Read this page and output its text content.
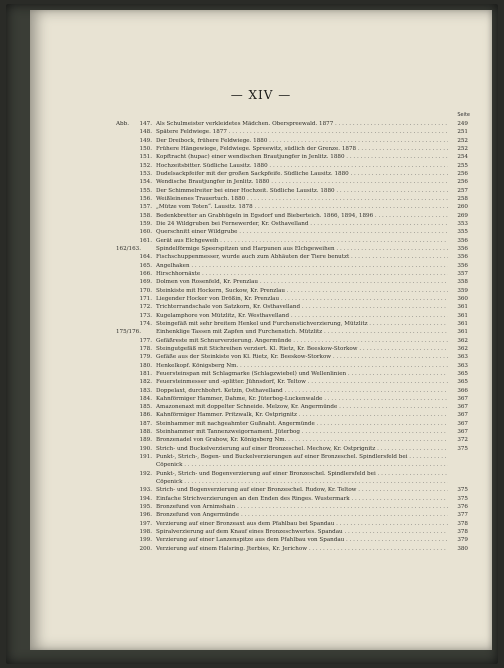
— XIV —
Seite
Abb.	147. Als Schulmeister verkleidetes Mädchen. Oberspreewald. 1877 . . .	249
148. Spätere Feldwiege. 1877 . . .	251
149. Der Dreibock, frühere Feldwiege. 1880 . . .	252
150. Frühere Hängewiege, Feldwiege. Spreewitz, südlich der Grenze. 1878 . . .	252
151. Kopftracht (hupac) einer wendischen Brautjungfer in Jenlitz. 1880 . . .	254
152. Hochzeitsbitter. Südliche Lausitz. 1880 . . .	255
153. Dudelsackpfeifer mit der großen Sackpfeife. Südliche Lausitz. 1880 . . .	256
154. Wendische Brautjungfer in Jenlitz. 1880 . . .	256
155. Der Schimmelreiter bei einer Hochzeit. Südliche Lausitz. 1880 . . .	257
156. Weißleinenes Trauertuch. 1880 . . .	258
157. „Mütze vom Toten“. Lausitz. 1878 . . .	260
158. Bedenkbretter an Grabhügeln in Egsdorf und Bieberteich. 1866, 1894, 1896 . . .	269
159. Die 24 Wildgruben bei Fernewerder, Kr. Osthavelland . . .	353
160. Querschnitt einer Wildgrube . . .	355
161. Gerät aus Elchgeweih . . .	356
162/163.	Spindelförmige Speerspitzen und Harpunen aus Elchgeweihen . . .	356
164. Fischschuppenmesser, wurde auch zum Abhäuten der Tiere benutzt . . .	356
165. Angelhaken . . .	356
166. Hirschhornäxte . . .	357
169. Dolmen von Rosenfeld, Kr. Prenzlau . . .	358
170. Steinkiste mit Hockern, Suckow, Kr. Prenzlau . . .	359
171. Liegender Hocker von Drößin, Kr. Prenzlau . . .	360
172. Trichterrandschale von Satzkorn, Kr. Osthavelland . . .	361
173. Kugelamphore von Mützlitz, Kr. Westhavelland . . .	361
174. Steingefäß mit sehr breitem Henkel und Furchenstichverzierung, Mützlitz . . .	361
175/176.	Einhenklige Tassen mit Zapfen und Furchenstich. Mützlitz . . .	361
177. Gefäßreste mit Schnurverzierung. Angermünde . . .	362
178. Steingutgefäß mit Stichreihen verziert. Kl. Rietz, Kr. Beeskow-Storkow . . .	362
179. Gefäße aus der Steinkiste von Kl. Rietz, Kr. Beeskow-Storkow . . .	363
180. Henkelkopf. Königsberg Nm. . . .	363
181. Feuersteinspan mit Schlagmarke (Schlagzwiebel) und Wellenlinien . . .	365
182. Feuersteinmesser und -splitter. Jühnsdorf, Kr. Teltow . . .	365
183. Doppelaxt, durchbohrt. Ketzin, Osthavelland . . .	366
184. Kahnförmiger Hammer, Dahme, Kr. Jüterbog-Luckenwalde . . .	367
185. Amazonenaxt mit doppelter Schneide. Melzow, Kr. Angermünde . . .	367
186. Kahnförmiger Hammer. Pritzwalk, Kr. Ostprignitz . . .	367
187. Steinhammer mit nachgeahmter Gußnaht. Angermünde . . .	367
188. Steinhammer mit Tannenzweigornament. Jüterbog . . .	367
189. Bronzenadel von Grabow, Kr. Königsberg Nm. . . .	372
190. Strich- und Buckelverzierung auf einer Bronzeschel. Mechow, Kr. Ostprignitz . . .	375
191. Punkt-, Strich-, Bogen- und Buckelverzierungen auf einer Bronzeschel. Spindlersfeld bei . . .
Cöpenick . . .
192. Punkt-, Strich- und Bogenverzierung auf einer Bronzeschel. Spindlersfeld bei . . .
Cöpenick . . .
193. Strich- und Bogenverzierung auf einer Bronzeschel. Rudow, Kr. Teltow . . .	375
194. Einfache Strichverzierungen an den Enden des Ringes. Wustermark . . .	375
195. Bronzefund von Arnimshain . . .	376
196. Bronzefund von Angermünde . . .	377
197. Verzierung auf einer Bronzeaxt aus dem Pfahlbau bei Spandau . . .	378
198. Spiralverzierung auf dem Knauf eines Bronzeschwertes. Spandau . . .	378
199. Verzierung auf einer Lanzenspitze aus dem Pfahlbau von Spandau . . .	379
200. Verzierung auf einem Halsring. Jterbies, Kr. Jerichow . . .	380
